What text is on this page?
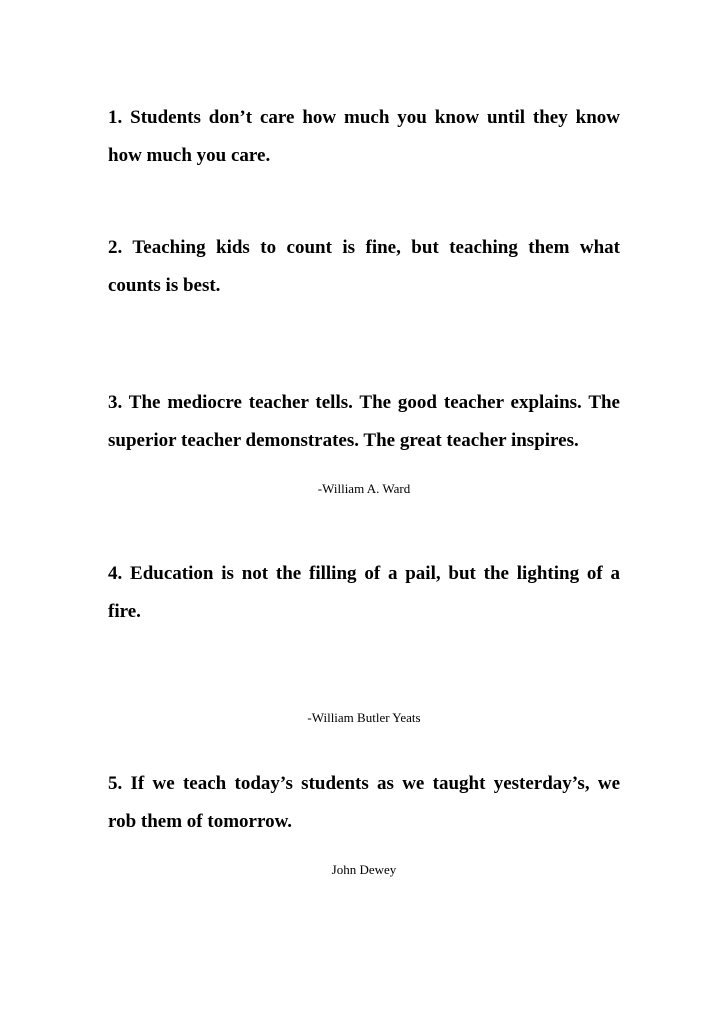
1. Students don’t care how much you know until they know
how much you care.
2. Teaching kids to count is fine, but teaching them what
counts is best.
3. The mediocre teacher tells. The good teacher explains. The
superior teacher demonstrates. The great teacher inspires.
-William A. Ward
4. Education is not the filling of a pail, but the lighting of a
fire.
-William Butler Yeats
5. If we teach today’s students as we taught yesterday’s, we
rob them of tomorrow.
John Dewey
